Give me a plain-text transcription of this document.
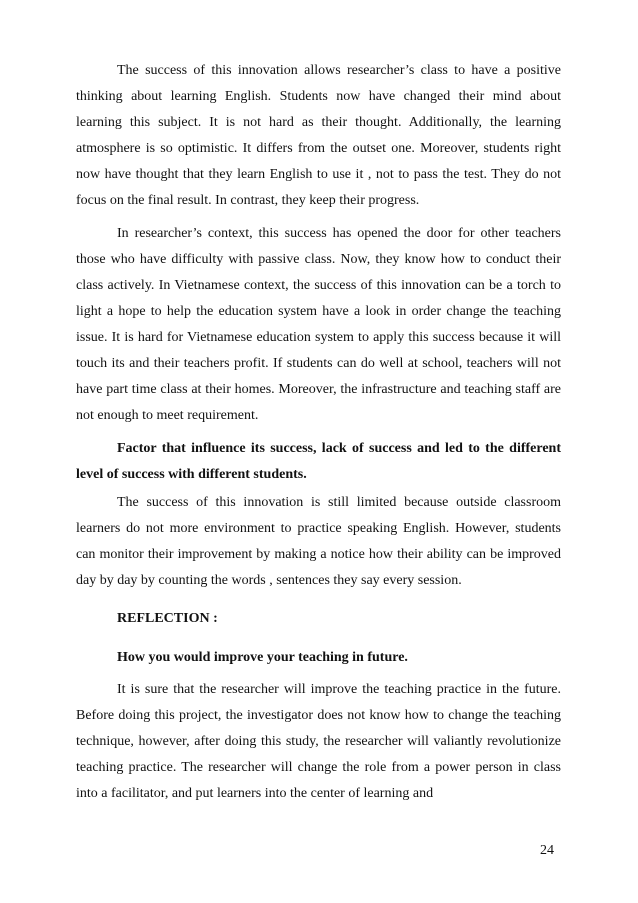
The success of this innovation allows researcher’s class to have a positive thinking about learning English. Students now have changed their mind about learning this subject. It is not hard as their thought. Additionally, the learning atmosphere is so optimistic. It differs from the outset one. Moreover, students right now have thought that they learn English to use it , not to pass the test. They do not focus on the final result. In contrast, they keep their progress.

In researcher’s context, this success has opened the door for other teachers those who have difficulty with passive class. Now, they know how to conduct their class actively. In Vietnamese context, the success of this innovation can be a torch to light a hope to help the education system have a look in order change the teaching issue. It is hard for Vietnamese education system to apply this success because it will touch its and their teachers profit. If students can do well at school, teachers will not have part time class at their homes. Moreover, the infrastructure and teaching staff are not enough to meet requirement.

Factor that influence its success, lack of success and led to the different level of success with different students.

The success of this innovation is still limited because outside classroom learners do not more environment to practice speaking English. However, students can monitor their improvement by making a notice how their ability can be improved day by day by counting the words , sentences they say every session.

REFLECTION :

How you would improve your teaching in future.

It is sure that the researcher will improve the teaching practice in the future. Before doing this project, the investigator does not know how to change the teaching technique, however, after doing this study, the researcher will valiantly revolutionize teaching practice. The researcher will change the role from a power person in class into a facilitator, and put learners into the center of learning and

24
